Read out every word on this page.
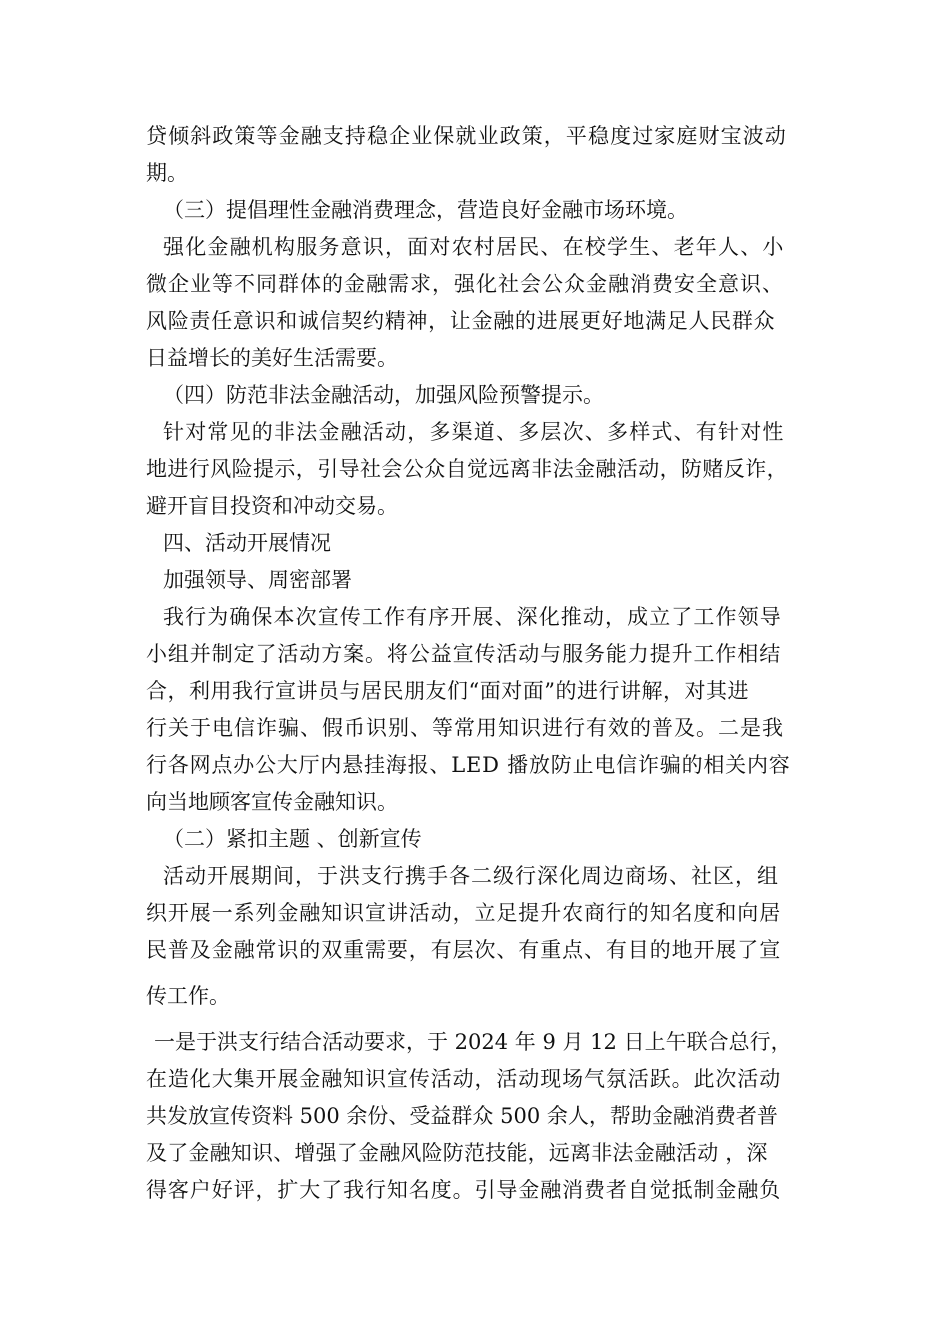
贷倾斜政策等金融支持稳企业保就业政策，平稳度过家庭财宝波动
期。
（三）提倡理性金融消费理念，营造良好金融市场环境。
强化金融机构服务意识，面对农村居民、在校学生、老年人、小
微企业等不同群体的金融需求，强化社会公众金融消费安全意识、
风险责任意识和诚信契约精神，让金融的进展更好地满足人民群众
日益增长的美好生活需要。
（四）防范非法金融活动，加强风险预警提示。
针对常见的非法金融活动，多渠道、多层次、多样式、有针对性
地进行风险提示，引导社会公众自觉远离非法金融活动，防赌反诈，
避开盲目投资和冲动交易。
四、活动开展情况
加强领导、周密部署
我行为确保本次宣传工作有序开展、深化推动，成立了工作领导
小组并制定了活动方案。将公益宣传活动与服务能力提升工作相结
合，利用我行宣讲员与居民朋友们“面对面”的进行讲解，对其进
行关于电信诈骗、假币识别、等常用知识进行有效的普及。二是我
行各网点办公大厅内悬挂海报、LED 播放防止电信诈骗的相关内容
向当地顾客宣传金融知识。
（二）紧扣主题 、创新宣传
活动开展期间，于洪支行携手各二级行深化周边商场、社区，组
织开展一系列金融知识宣讲活动，立足提升农商行的知名度和向居
民普及金融常识的双重需要，有层次、有重点、有目的地开展了宣
传工作。
一是于洪支行结合活动要求，于 2024 年 9 月 12 日上午联合总行，
在造化大集开展金融知识宣传活动，活动现场气氛活跃。此次活动
共发放宣传资料 500 余份、受益群众 500 余人，帮助金融消费者普
及了金融知识、增强了金融风险防范技能，远离非法金融活动 ，深
得客户好评，扩大了我行知名度。引导金融消费者自觉抵制金融负
